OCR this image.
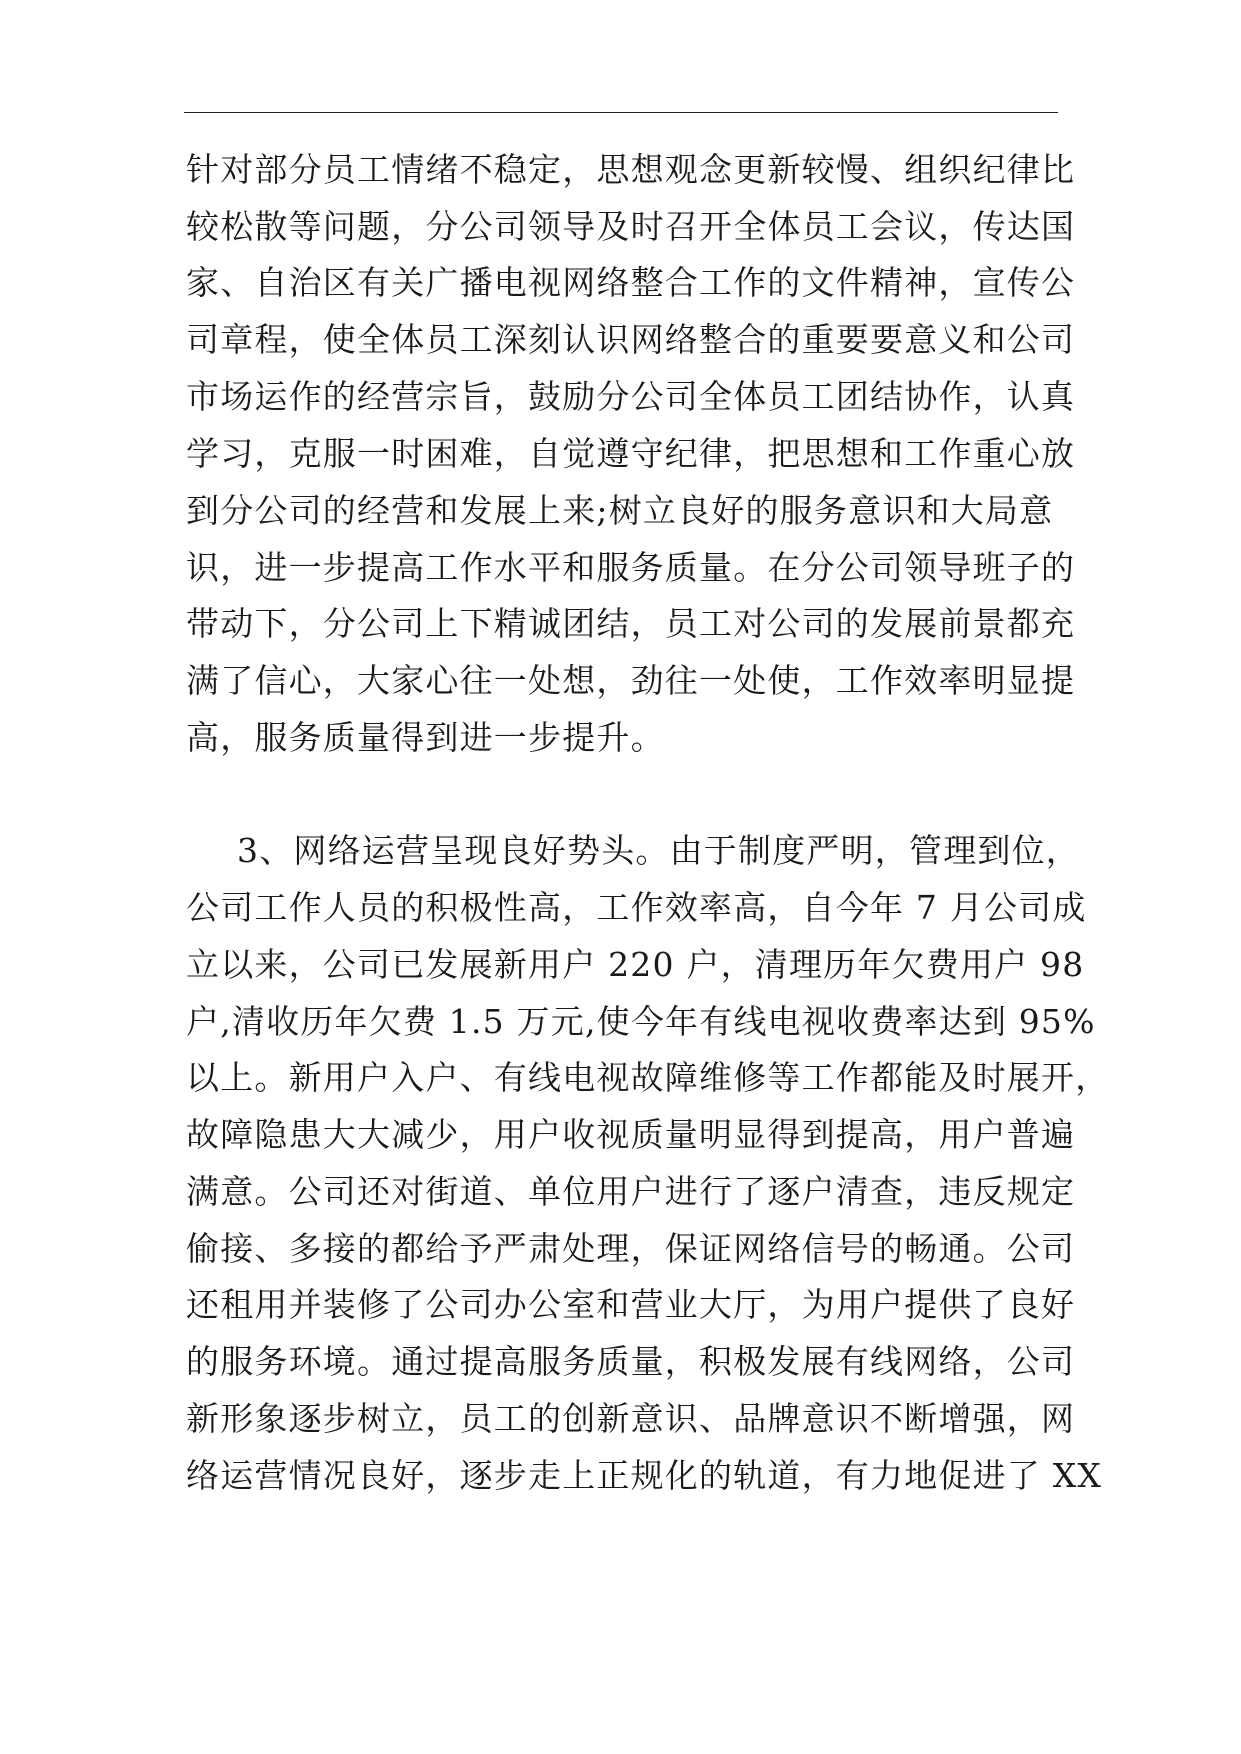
针对部分员工情绪不稳定，思想观念更新较慢、组织纪律比
较松散等问题，分公司领导及时召开全体员工会议，传达国
家、自治区有关广播电视网络整合工作的文件精神，宣传公
司章程，使全体员工深刻认识网络整合的重要要意义和公司
市场运作的经营宗旨，鼓励分公司全体员工团结协作，认真
学习，克服一时困难，自觉遵守纪律，把思想和工作重心放
到分公司的经营和发展上来;树立良好的服务意识和大局意
识，进一步提高工作水平和服务质量。在分公司领导班子的
带动下，分公司上下精诚团结，员工对公司的发展前景都充
满了信心，大家心往一处想，劲往一处使，工作效率明显提
高，服务质量得到进一步提升。
3、网络运营呈现良好势头。由于制度严明，管理到位，
公司工作人员的积极性高，工作效率高，自今年 7 月公司成
立以来，公司已发展新用户 220 户，清理历年欠费用户 98
户,清收历年欠费 1.5 万元,使今年有线电视收费率达到 95%
以上。新用户入户、有线电视故障维修等工作都能及时展开，
故障隐患大大减少，用户收视质量明显得到提高，用户普遍
满意。公司还对街道、单位用户进行了逐户清查，违反规定
偷接、多接的都给予严肃处理，保证网络信号的畅通。公司
还租用并装修了公司办公室和营业大厅，为用户提供了良好
的服务环境。通过提高服务质量，积极发展有线网络，公司
新形象逐步树立，员工的创新意识、品牌意识不断增强，网
络运营情况良好，逐步走上正规化的轨道，有力地促进了 XX
